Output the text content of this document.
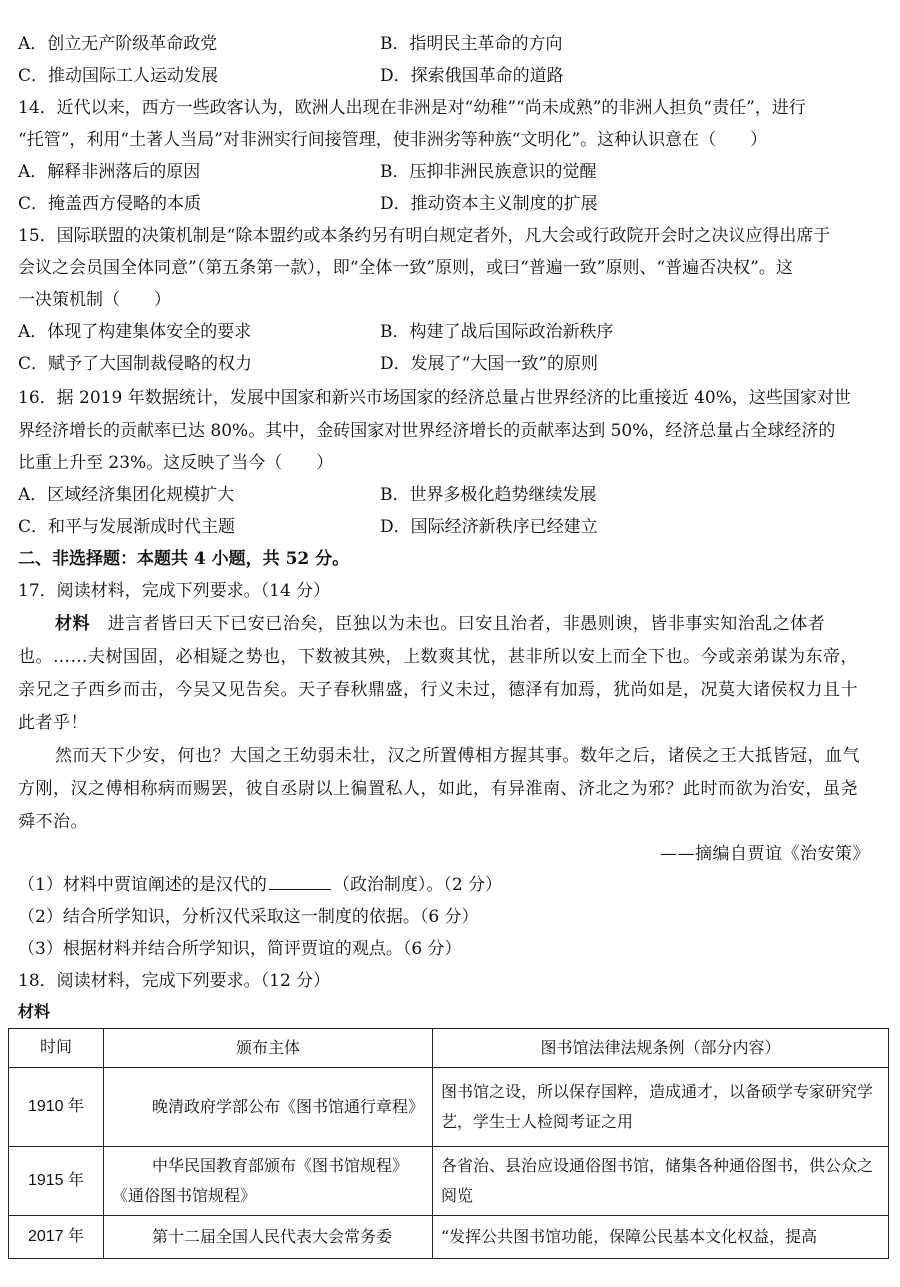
A．创立无产阶级革命政党	B．指明民主革命的方向
C．推动国际工人运动发展	D．探索俄国革命的道路
14．近代以来，西方一些政客认为，欧洲人出现在非洲是对“幼稚”“尚未成熟”的非洲人担负“责任”，进行
“托管”，利用“土著人当局”对非洲实行间接管理，使非洲劣等种族“文明化”。这种认识意在（　　）
A．解释非洲落后的原因	B．压抑非洲民族意识的觉醒
C．掩盖西方侵略的本质	D．推动资本主义制度的扩展
15．国际联盟的决策机制是“除本盟约或本条约另有明白规定者外，凡大会或行政院开会时之决议应得出席于
会议之会员国全体同意”（第五条第一款），即“全体一致”原则，或曰“普遍一致”原则、“普遍否决权”。这
一决策机制（　　）
A．体现了构建集体安全的要求	B．构建了战后国际政治新秩序
C．赋予了大国制裁侵略的权力	D．发展了“大国一致”的原则
16．据 2019 年数据统计，发展中国家和新兴市场国家的经济总量占世界经济的比重接近 40%，这些国家对世
界经济增长的贡献率已达 80%。其中，金砖国家对世界经济增长的贡献率达到 50%，经济总量占全球经济的
比重上升至 23%。这反映了当今（　　）
A．区域经济集团化规模扩大	B．世界多极化趋势继续发展
C．和平与发展渐成时代主题	D．国际经济新秩序已经建立
二、非选择题：本题共 4 小题，共 52 分。
17．阅读材料，完成下列要求。（14 分）
材料 进言者皆曰天下已安已治矣，臣独以为未也。曰安且治者，非愚则谀，皆非事实知治乱之体者
也。……夫树国固，必相疑之势也，下数被其殃，上数爽其忧，甚非所以安上而全下也。今或亲弟谋为东帝，
亲兄之子西乡而击，今吴又见告矣。天子春秋鼎盛，行义未过，德泽有加焉，犹尚如是，况莫大诸侯权力且十
此者乎！
然而天下少安，何也？大国之王幼弱未壮，汉之所置傅相方握其事。数年之后，诸侯之王大抵皆冠，血气
方刚，汉之傅相称病而赐罢，彼自丞尉以上徧置私人，如此，有异淮南、济北之为邪？此时而欲为治安，虽尧
舜不治。
——摘编自贾谊《治安策》
（1）材料中贾谊阐述的是汉代的	（政治制度）。（2 分）
（2）结合所学知识，分析汉代采取这一制度的依据。（6 分）
（3）根据材料并结合所学知识，简评贾谊的观点。（6 分）
18．阅读材料，完成下列要求。（12 分）
材料
时间	颁布主体	图书馆法律法规条例（部分内容）
1910 年	晚清政府学部公布《图书馆通行章程》	图书馆之设，所以保存国粹，造成通才，以备硕学专家研究学艺，学生士人检阅考证之用
1915 年	中华民国教育部颁布《图书馆规程》《通俗图书馆规程》	各省治、县治应设通俗图书馆，储集各种通俗图书，供公众之阅览
2017 年	第十二届全国人民代表大会常务委	“发挥公共图书馆功能，保障公民基本文化权益，提高
